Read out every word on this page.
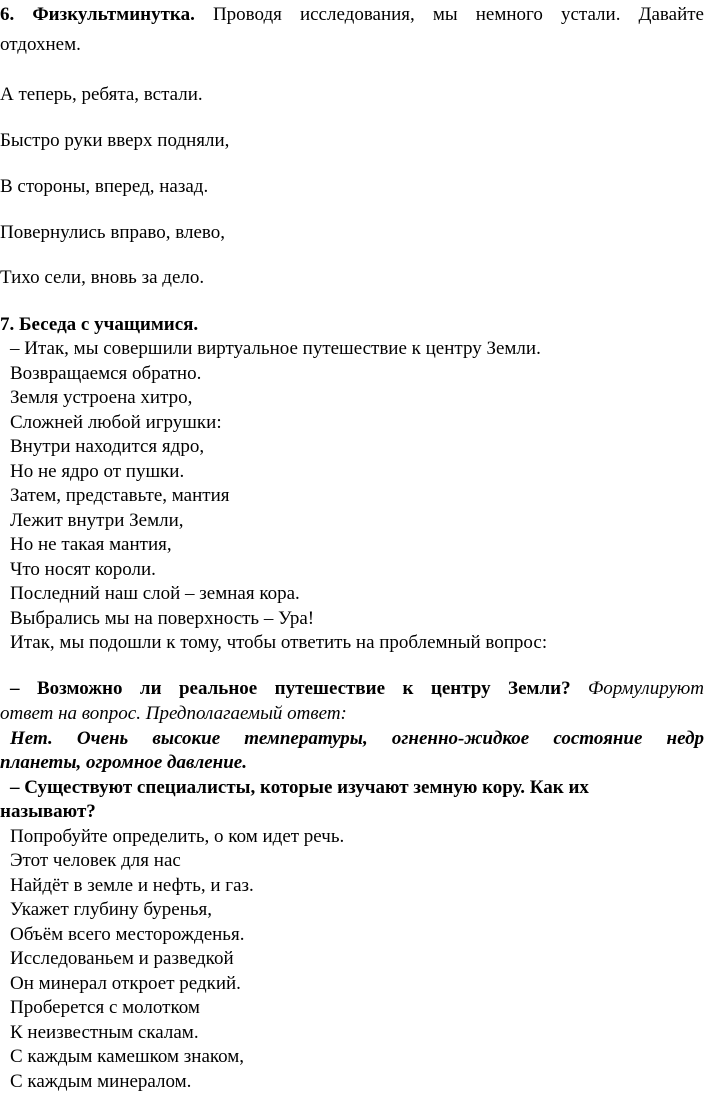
6. Физкультминутка. Проводя исследования, мы немного устали. Давайте
отдохнем.
А теперь, ребята, встали.
Быстро руки вверх подняли,
В стороны, вперед, назад.
Повернулись вправо, влево,
Тихо сели, вновь за дело.
7. Беседа с учащимися.
– Итак, мы совершили виртуальное путешествие к центру Земли.
Возвращаемся обратно.
Земля устроена хитро,
Сложней любой игрушки:
Внутри находится ядро,
Но не ядро от пушки.
Затем, представьте, мантия
Лежит внутри Земли,
Но не такая мантия,
Что носят короли.
Последний наш слой – земная кора.
Выбрались мы на поверхность – Ура!
Итак, мы подошли к тому, чтобы ответить на проблемный вопрос:
– Возможно ли реальное путешествие к центру Земли? Формулируют
ответ на вопрос. Предполагаемый ответ:
Нет. Очень высокие температуры, огненно-жидкое состояние недр
планеты, огромное давление.
– Существуют специалисты, которые изучают земную кору. Как их
называют?
Попробуйте определить, о ком идет речь.
Этот человек для нас
Найдёт в земле и нефть, и газ.
Укажет глубину буренья,
Объём всего месторожденья.
Исследованьем и разведкой
Он минерал откроет редкий.
Проберется с молотком
К неизвестным скалам.
С каждым камешком знаком,
С каждым минералом.
